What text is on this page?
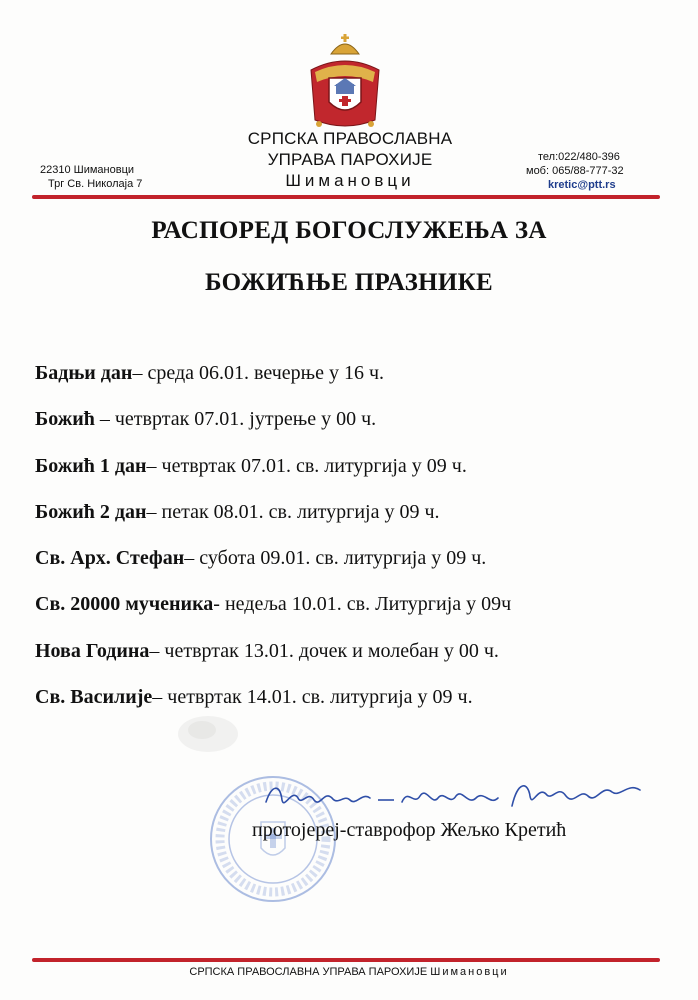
СРПСКА ПРАВОСЛАВНА
УПРАВА ПАРОХИЈЕ
Шимановци
22310 Шимановци
Трг Св. Николаја 7
тел:022/480-396
моб: 065/88-777-32
kretic@ptt.rs
РАСПОРЕД БОГОСЛУЖЕЊА ЗА
БОЖИЋЊЕ ПРАЗНИКЕ
Бадњи дан– среда 06.01. вечерње у 16 ч.
Божић – четвртак 07.01. јутрење у 00 ч.
Божић 1 дан– четвртак 07.01. св. литургија у 09 ч.
Божић 2 дан– петак 08.01. св. литургија у 09 ч.
Св. Арх. Стефан– субота 09.01. св. литургија у 09 ч.
Св. 20000 мученика- недеља 10.01. св. Литургија у 09ч
Нова Година– четвртак 13.01. дочек и молебан у 00 ч.
Св. Василије– четвртак 14.01. св. литургија у 09 ч.
протојереј-ставрофор Жељко Кретић
СРПСКА ПРАВОСЛАВНА УПРАВА ПАРОХИЈЕ Шимановци
